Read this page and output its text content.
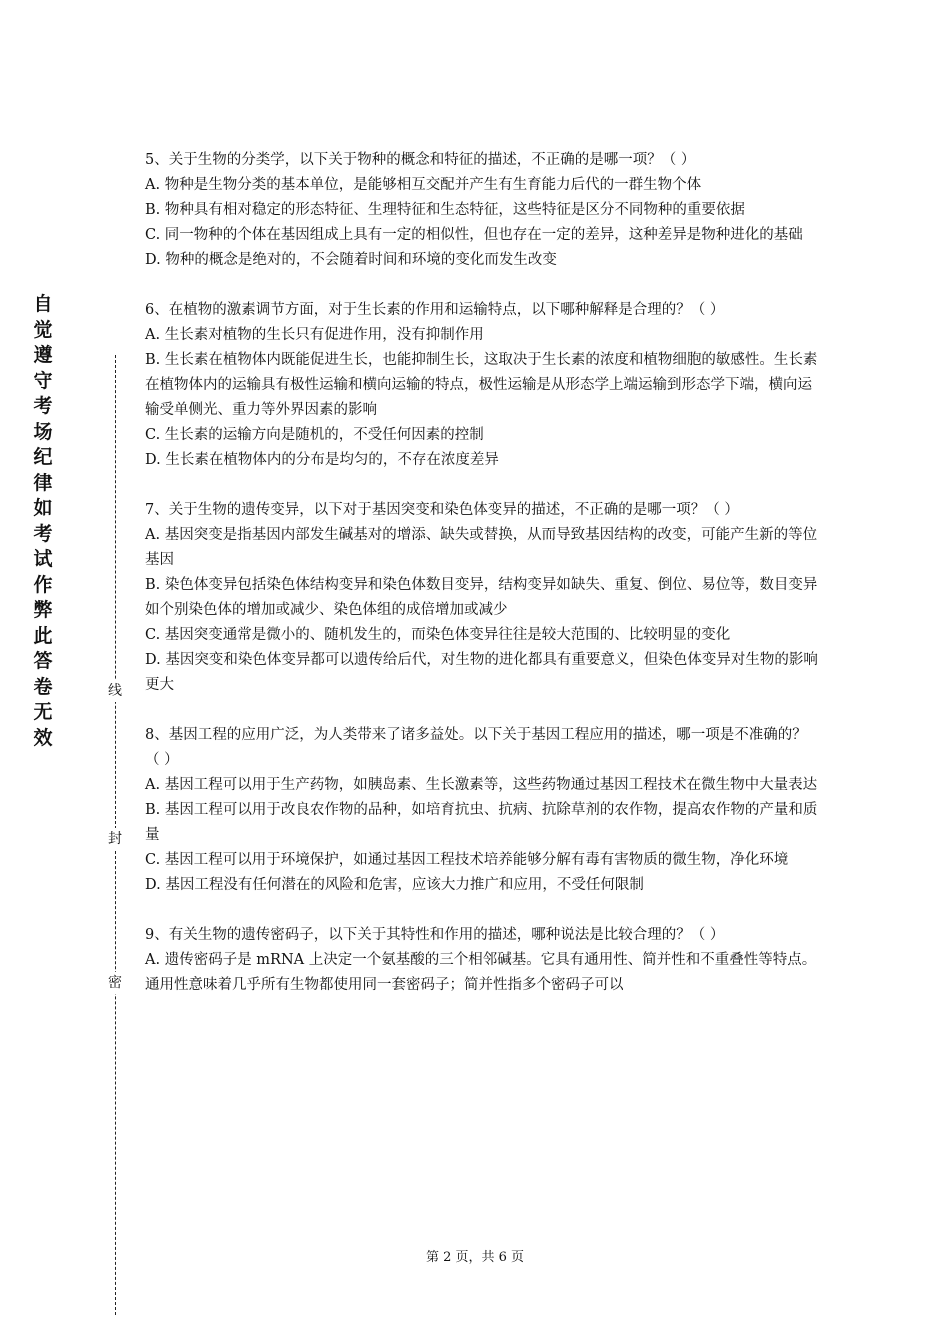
自觉遵守考场纪律如考试作弊此答卷无效
线
封
密

5、关于生物的分类学，以下关于物种的概念和特征的描述，不正确的是哪一项？（ ）

A. 物种是生物分类的基本单位，是能够相互交配并产生有生育能力后代的一群生物个体

B. 物种具有相对稳定的形态特征、生理特征和生态特征，这些特征是区分不同物种的重要依据

C. 同一物种的个体在基因组成上具有一定的相似性，但也存在一定的差异，这种差异是物种进化的基础

D. 物种的概念是绝对的，不会随着时间和环境的变化而发生改变

6、在植物的激素调节方面，对于生长素的作用和运输特点，以下哪种解释是合理的？（ ）

A. 生长素对植物的生长只有促进作用，没有抑制作用

B. 生长素在植物体内既能促进生长，也能抑制生长，这取决于生长素的浓度和植物细胞的敏感性。生长素在植物体内的运输具有极性运输和横向运输的特点，极性运输是从形态学上端运输到形态学下端，横向运输受单侧光、重力等外界因素的影响

C. 生长素的运输方向是随机的，不受任何因素的控制

D. 生长素在植物体内的分布是均匀的，不存在浓度差异

7、关于生物的遗传变异，以下对于基因突变和染色体变异的描述，不正确的是哪一项？（ ）

A. 基因突变是指基因内部发生碱基对的增添、缺失或替换，从而导致基因结构的改变，可能产生新的等位基因

B. 染色体变异包括染色体结构变异和染色体数目变异，结构变异如缺失、重复、倒位、易位等，数目变异如个别染色体的增加或减少、染色体组的成倍增加或减少

C. 基因突变通常是微小的、随机发生的，而染色体变异往往是较大范围的、比较明显的变化

D. 基因突变和染色体变异都可以遗传给后代，对生物的进化都具有重要意义，但染色体变异对生物的影响更大

8、基因工程的应用广泛，为人类带来了诸多益处。以下关于基因工程应用的描述，哪一项是不准确的？（ ）

A. 基因工程可以用于生产药物，如胰岛素、生长激素等，这些药物通过基因工程技术在微生物中大量表达

B. 基因工程可以用于改良农作物的品种，如培育抗虫、抗病、抗除草剂的农作物，提高农作物的产量和质量

C. 基因工程可以用于环境保护，如通过基因工程技术培养能够分解有毒有害物质的微生物，净化环境

D. 基因工程没有任何潜在的风险和危害，应该大力推广和应用，不受任何限制

9、有关生物的遗传密码子，以下关于其特性和作用的描述，哪种说法是比较合理的？（ ）

A. 遗传密码子是 mRNA 上决定一个氨基酸的三个相邻碱基。它具有通用性、简并性和不重叠性等特点。通用性意味着几乎所有生物都使用同一套密码子；简并性指多个密码子可以

第 2 页，共 6 页
